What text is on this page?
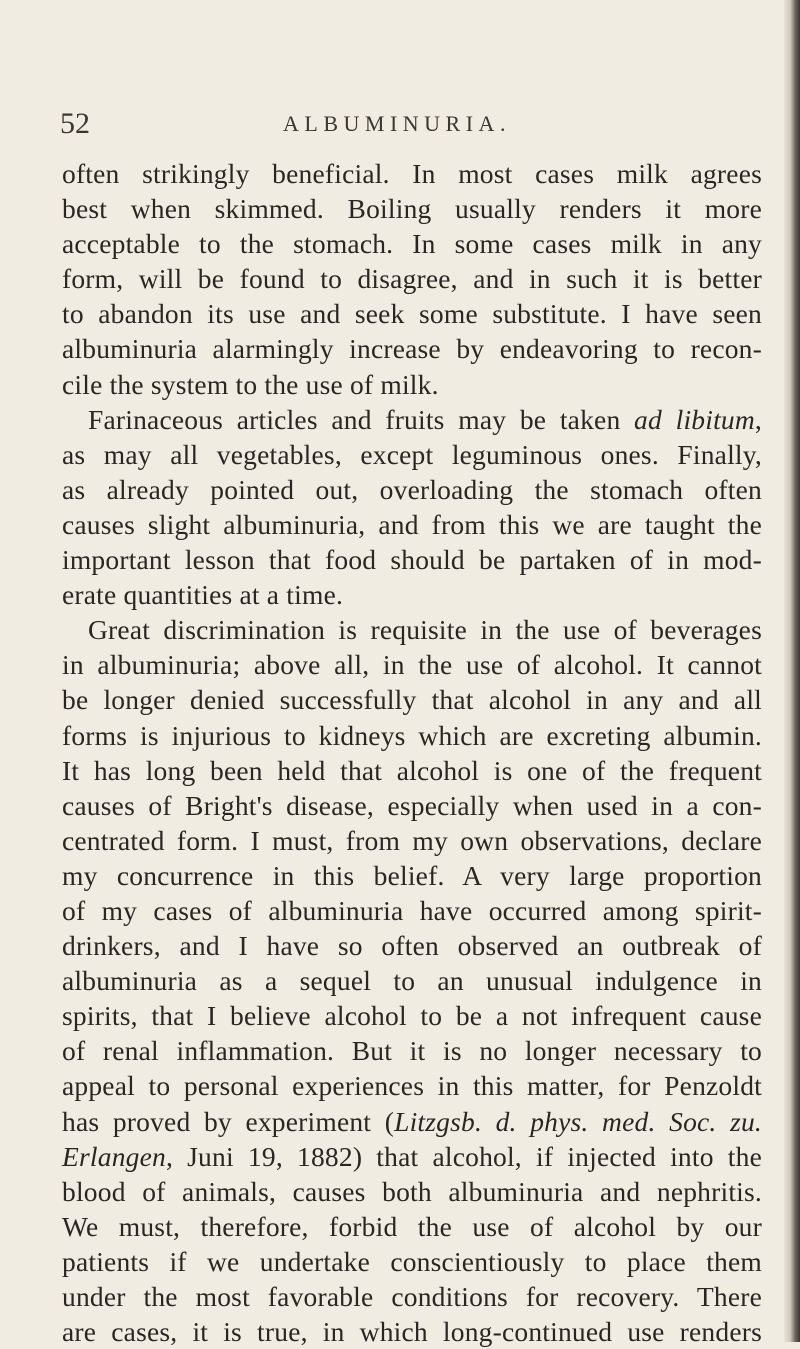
52	ALBUMINURIA.
often strikingly beneficial. In most cases milk agrees
best when skimmed. Boiling usually renders it more
acceptable to the stomach. In some cases milk in any
form, will be found to disagree, and in such it is better
to abandon its use and seek some substitute. I have seen
albuminuria alarmingly increase by endeavoring to recon-
cile the system to the use of milk.
Farinaceous articles and fruits may be taken ad libitum,
as may all vegetables, except leguminous ones. Finally,
as already pointed out, overloading the stomach often
causes slight albuminuria, and from this we are taught the
important lesson that food should be partaken of in mod-
erate quantities at a time.
Great discrimination is requisite in the use of beverages
in albuminuria; above all, in the use of alcohol. It cannot
be longer denied successfully that alcohol in any and all
forms is injurious to kidneys which are excreting albumin.
It has long been held that alcohol is one of the frequent
causes of Bright's disease, especially when used in a con-
centrated form. I must, from my own observations, declare
my concurrence in this belief. A very large proportion
of my cases of albuminuria have occurred among spirit-
drinkers, and I have so often observed an outbreak of
albuminuria as a sequel to an unusual indulgence in
spirits, that I believe alcohol to be a not infrequent cause
of renal inflammation. But it is no longer necessary to
appeal to personal experiences in this matter, for Penzoldt
has proved by experiment (Litzgsb. d. phys. med. Soc. zu.
Erlangen, Juni 19, 1882) that alcohol, if injected into the
blood of animals, causes both albuminuria and nephritis.
We must, therefore, forbid the use of alcohol by our
patients if we undertake conscientiously to place them
under the most favorable conditions for recovery. There
are cases, it is true, in which long-continued use renders
